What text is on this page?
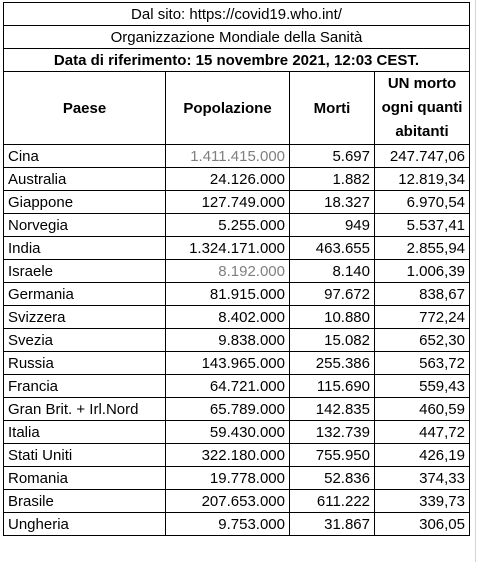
Dal sito: https://covid19.who.int/			
Organizzazione Mondiale della Sanità			
Data di riferimento: 15 novembre 2021, 12:03 CEST.			
Paese	Popolazione	Morti	UN morto
ogni quanti
abitanti

Cina	1.411.415.000	5.697	247.747,06
Australia	24.126.000	1.882	12.819,34
Giappone	127.749.000	18.327	6.970,54
Norvegia	5.255.000	949	5.537,41
India	1.324.171.000	463.655	2.855,94
Israele	8.192.000	8.140	1.006,39
Germania	81.915.000	97.672	838,67
Svizzera	8.402.000	10.880	772,24
Svezia	9.838.000	15.082	652,30
Russia	143.965.000	255.386	563,72
Francia	64.721.000	115.690	559,43
Gran Brit. + Irl.Nord	65.789.000	142.835	460,59
Italia	59.430.000	132.739	447,72
Stati Uniti	322.180.000	755.950	426,19
Romania	19.778.000	52.836	374,33
Brasile	207.653.000	611.222	339,73
Ungheria	9.753.000	31.867	306,05
